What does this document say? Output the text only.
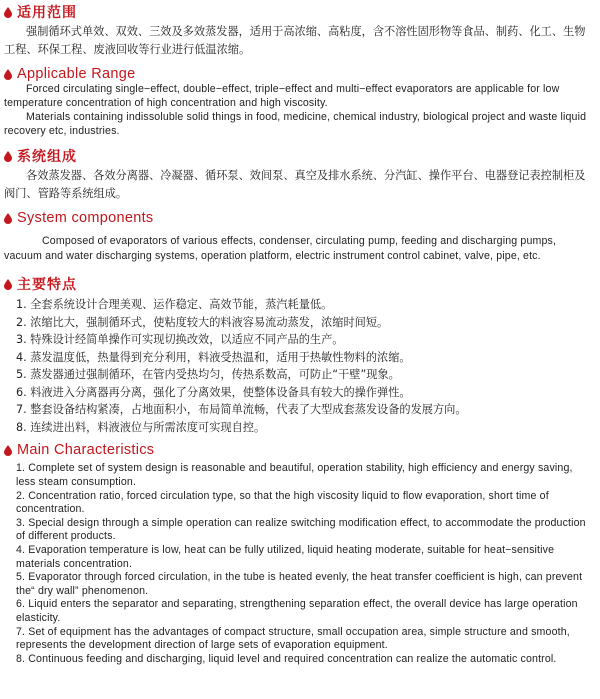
适用范围

强制循环式单效、双效、三效及多效蒸发器，适用于高浓缩、高粘度，含不溶性固形物等食品、制药、化工、生物工程、环保工程、废液回收等行业进行低温浓缩。

Applicable Range

Forced circulating single−effect, double−effect, triple−effect and multi−effect evaporators are applicable for low temperature concentration of high concentration and high viscosity.

Materials containing indissoluble solid things in food, medicine, chemical industry, biological project and waste liquid recovery etc, industries.

系统组成

各效蒸发器、各效分离器、冷凝器、循环泵、效间泵、真空及排水系统、分汽缸、操作平台、电器登记表控制柜及阀门、管路等系统组成。

System components

Composed of evaporators of various effects, condenser, circulating pump, feeding and discharging pumps, vacuum and water discharging systems, operation platform, electric instrument control cabinet, valve, pipe, etc.

主要特点
1. 全套系统设计合理美观、运作稳定、高效节能，蒸汽耗量低。
2. 浓缩比大，强制循环式，使粘度较大的料液容易流动蒸发，浓缩时间短。
3. 特殊设计经简单操作可实现切换改效，以适应不同产品的生产。
4. 蒸发温度低，热量得到充分利用，料液受热温和，适用于热敏性物料的浓缩。
5. 蒸发器通过强制循环，在管内受热均匀，传热系数高，可防止“干壁”现象。
6. 料液进入分离器再分离，强化了分离效果，使整体设备具有较大的操作弹性。
7. 整套设备结构紧凑，占地面积小，布局简单流畅，代表了大型成套蒸发设备的发展方向。
8. 连续进出料，料液液位与所需浓度可实现自控。
Main Characteristics
1. Complete set of system design is reasonable and beautiful, operation stability, high efficiency and energy saving, less steam consumption.
2. Concentration ratio, forced circulation type, so that the high viscosity liquid to flow evaporation, short time of concentration.
3. Special design through a simple operation can realize switching modification effect, to accommodate the production of different products.
4. Evaporation temperature is low, heat can be fully utilized, liquid heating moderate, suitable for heat−sensitive materials concentration.
5. Evaporator through forced circulation, in the tube is heated evenly, the heat transfer coefficient is high, can prevent the“ dry wall” phenomenon.
6. Liquid enters the separator and separating, strengthening separation effect, the overall device has large operation elasticity.
7. Set of equipment has the advantages of compact structure, small occupation area, simple structure and smooth, represents the development direction of large sets of evaporation equipment.
8. Continuous feeding and discharging, liquid level and required concentration can realize the automatic control.
